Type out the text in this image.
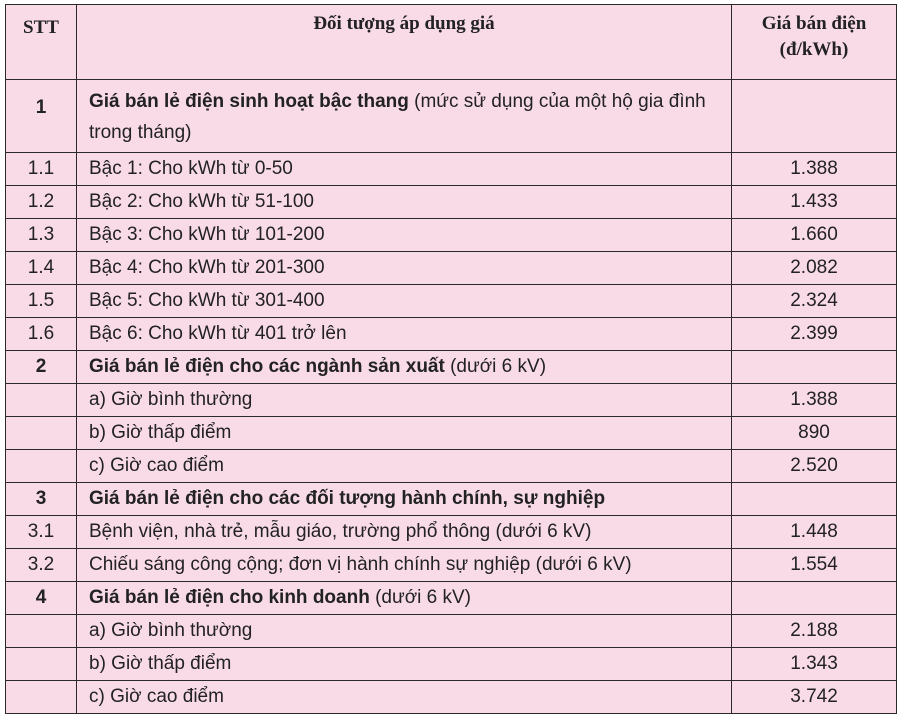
STT	Đối tượng áp dụng giá	Giá bán điện
(đ/kWh)

1	Giá bán lẻ điện sinh hoạt bậc thang (mức sử dụng của một hộ gia đình trong tháng)	
1.1	Bậc 1: Cho kWh từ 0-50	1.388
1.2	Bậc 2: Cho kWh từ 51-100	1.433
1.3	Bậc 3: Cho kWh từ 101-200	1.660
1.4	Bậc 4: Cho kWh từ 201-300	2.082
1.5	Bậc 5: Cho kWh từ 301-400	2.324
1.6	Bậc 6: Cho kWh từ 401 trở lên	2.399
2	Giá bán lẻ điện cho các ngành sản xuất (dưới 6 kV)	
	a) Giờ bình thường	1.388
	b) Giờ thấp điểm	890
	c) Giờ cao điểm	2.520
3	Giá bán lẻ điện cho các đối tượng hành chính, sự nghiệp	
3.1	Bệnh viện, nhà trẻ, mẫu giáo, trường phổ thông (dưới 6 kV)	1.448
3.2	Chiếu sáng công cộng; đơn vị hành chính sự nghiệp (dưới 6 kV)	1.554
4	Giá bán lẻ điện cho kinh doanh (dưới 6 kV)	
	a) Giờ bình thường	2.188
	b) Giờ thấp điểm	1.343
	c) Giờ cao điểm	3.742
